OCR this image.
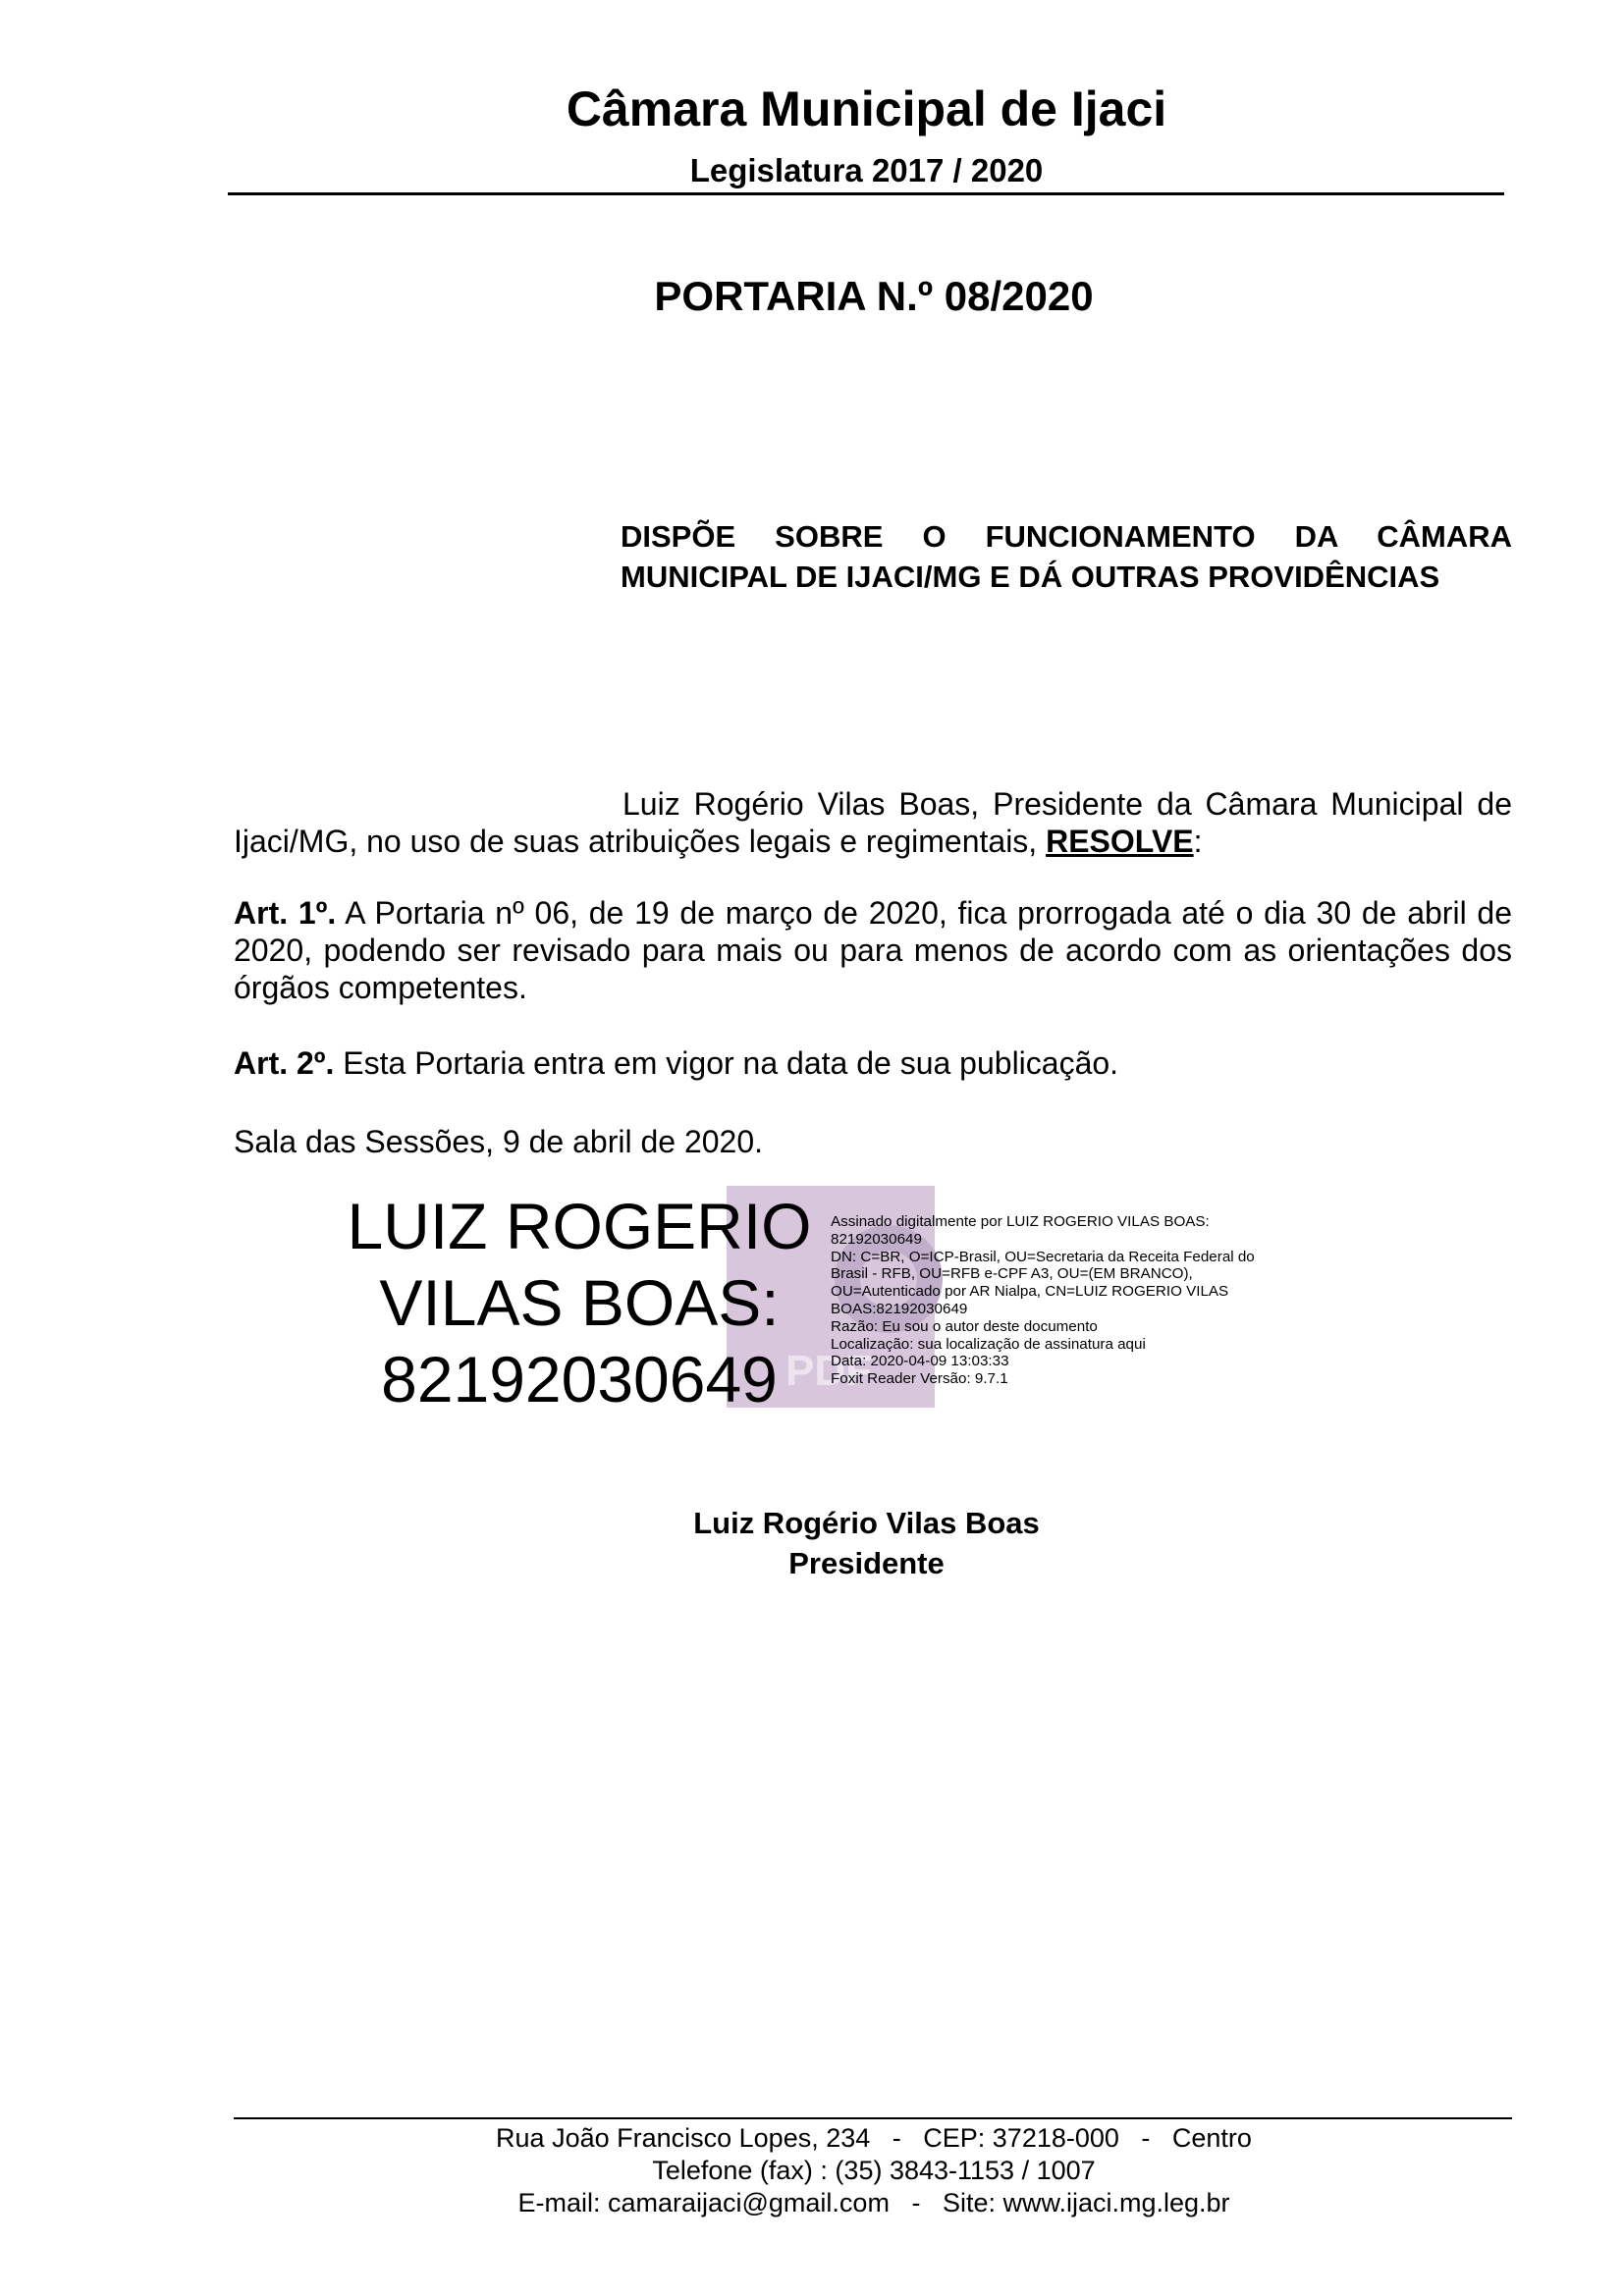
Câmara Municipal de Ijaci
Legislatura 2017 / 2020
PORTARIA N.º 08/2020
DISPÕE SOBRE O FUNCIONAMENTO DA CÂMARA MUNICIPAL DE IJACI/MG E DÁ OUTRAS PROVIDÊNCIAS
Luiz Rogério Vilas Boas, Presidente da Câmara Municipal de Ijaci/MG, no uso de suas atribuições legais e regimentais, RESOLVE:
Art. 1º. A Portaria nº 06, de 19 de março de 2020, fica prorrogada até o dia 30 de abril de 2020, podendo ser revisado para mais ou para menos de acordo com as orientações dos órgãos competentes.
Art. 2º. Esta Portaria entra em vigor na data de sua publicação.
Sala das Sessões, 9 de abril de 2020.
PDF
LUIZ ROGERIO
VILAS BOAS:
82192030649
Assinado digitalmente por LUIZ ROGERIO VILAS BOAS:
82192030649
DN: C=BR, O=ICP-Brasil, OU=Secretaria da Receita Federal do
Brasil - RFB, OU=RFB e-CPF A3, OU=(EM BRANCO),
OU=Autenticado por AR Nialpa, CN=LUIZ ROGERIO VILAS
BOAS:82192030649
Razão: Eu sou o autor deste documento
Localização: sua localização de assinatura aqui
Data: 2020-04-09 13:03:33
Foxit Reader Versão: 9.7.1
Luiz Rogério Vilas Boas
Presidente
Rua João Francisco Lopes, 234   -   CEP: 37218-000   -   Centro
Telefone (fax) : (35) 3843-1153 / 1007
E-mail: camaraijaci@gmail.com   -   Site: www.ijaci.mg.leg.br
